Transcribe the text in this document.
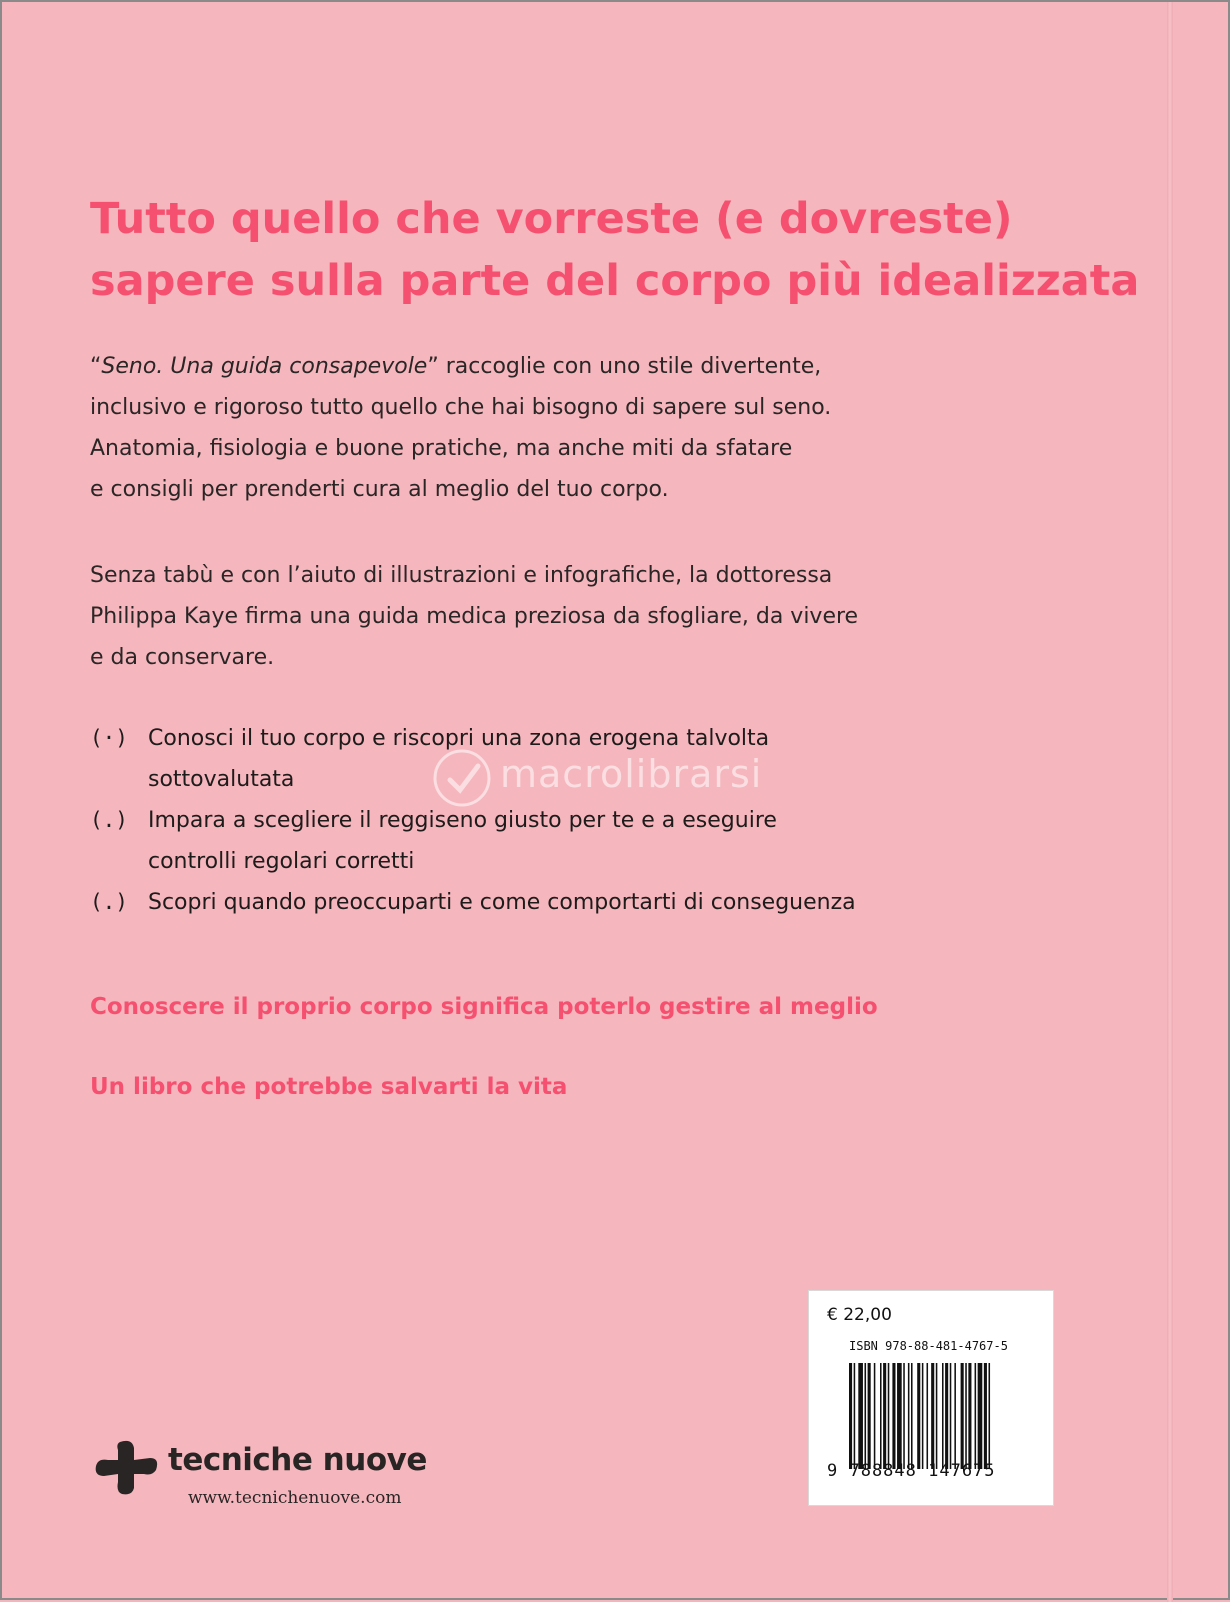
Tutto quello che vorreste (e dovreste)
sapere sulla parte del corpo più idealizzata

“Seno. Una guida consapevole” raccoglie con uno stile divertente,
inclusivo e rigoroso tutto quello che hai bisogno di sapere sul seno.
Anatomia, fisiologia e buone pratiche, ma anche miti da sfatare
e consigli per prenderti cura al meglio del tuo corpo.

Senza tabù e con l’aiuto di illustrazioni e infografiche, la dottoressa
Philippa Kaye firma una guida medica preziosa da sfogliare, da vivere
e da conservare.

(·) Conosci il tuo corpo e riscopri una zona erogena talvolta
sottovalutata
(.) Impara a scegliere il reggiseno giusto per te e a eseguire
controlli regolari corretti
(.) Scopri quando preoccuparti e come comportarti di conseguenza

Conoscere il proprio corpo significa poterlo gestire al meglio

Un libro che potrebbe salvarti la vita

macrolibrarsi
€ 22,00
ISBN 978-88-481-4767-5
9 788848 147675
tecniche nuove
www.tecnichenuove.com
